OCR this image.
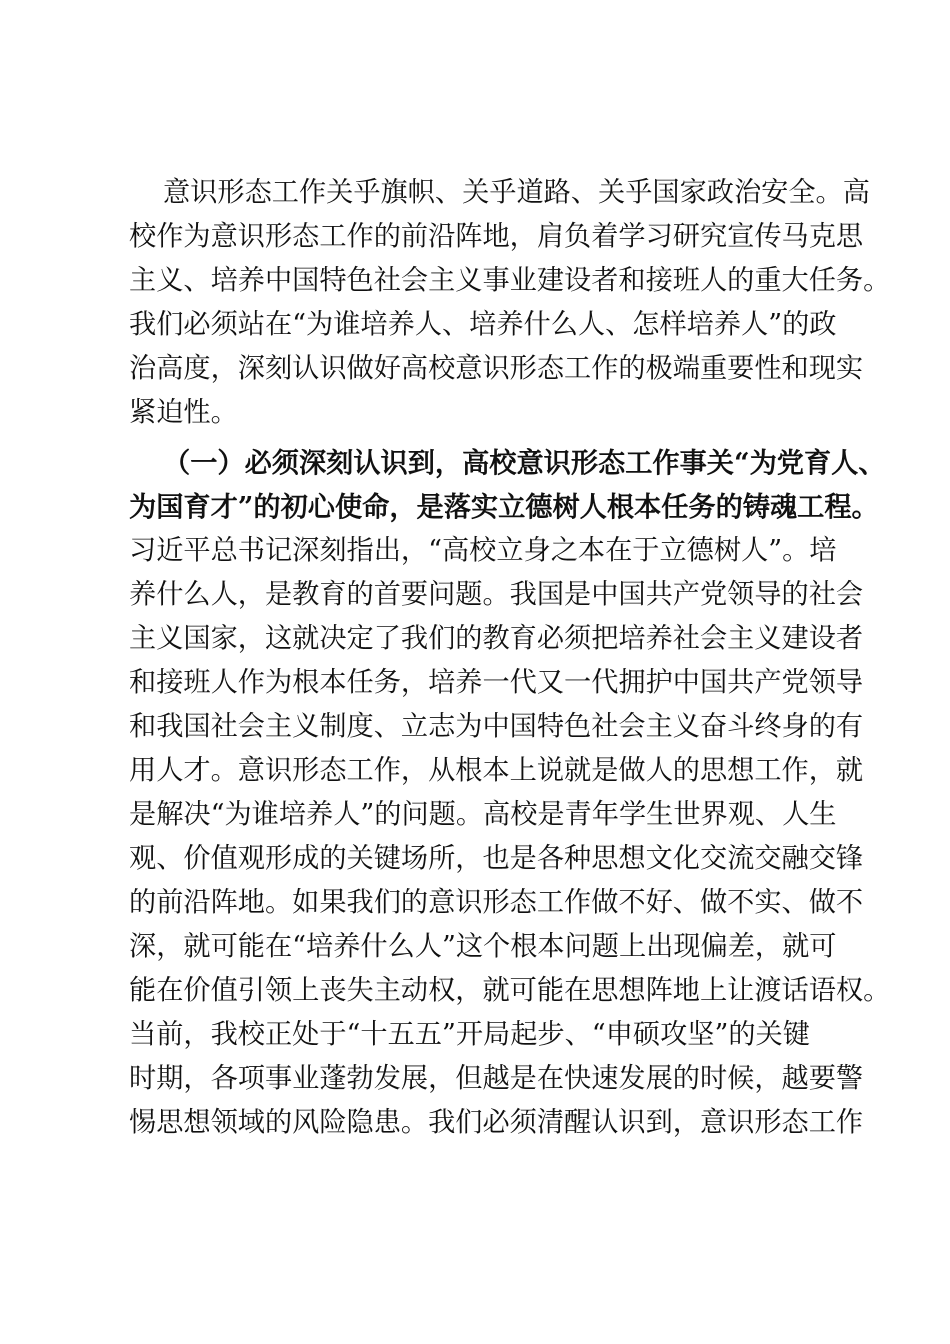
意识形态工作关乎旗帜、关乎道路、关乎国家政治安全。高
校作为意识形态工作的前沿阵地，肩负着学习研究宣传马克思
主义、培养中国特色社会主义事业建设者和接班人的重大任务。
我们必须站在“为谁培养人、培养什么人、怎样培养人”的政
治高度，深刻认识做好高校意识形态工作的极端重要性和现实
紧迫性。
（一）必须深刻认识到，高校意识形态工作事关“为党育人、
为国育才”的初心使命，是落实立德树人根本任务的铸魂工程。
习近平总书记深刻指出，“高校立身之本在于立德树人”。培
养什么人，是教育的首要问题。我国是中国共产党领导的社会
主义国家，这就决定了我们的教育必须把培养社会主义建设者
和接班人作为根本任务，培养一代又一代拥护中国共产党领导
和我国社会主义制度、立志为中国特色社会主义奋斗终身的有
用人才。意识形态工作，从根本上说就是做人的思想工作，就
是解决“为谁培养人”的问题。高校是青年学生世界观、人生
观、价值观形成的关键场所，也是各种思想文化交流交融交锋
的前沿阵地。如果我们的意识形态工作做不好、做不实、做不
深，就可能在“培养什么人”这个根本问题上出现偏差，就可
能在价值引领上丧失主动权，就可能在思想阵地上让渡话语权。
当前，我校正处于“十五五”开局起步、“申硕攻坚”的关键
时期，各项事业蓬勃发展，但越是在快速发展的时候，越要警
惕思想领域的风险隐患。我们必须清醒认识到，意识形态工作
